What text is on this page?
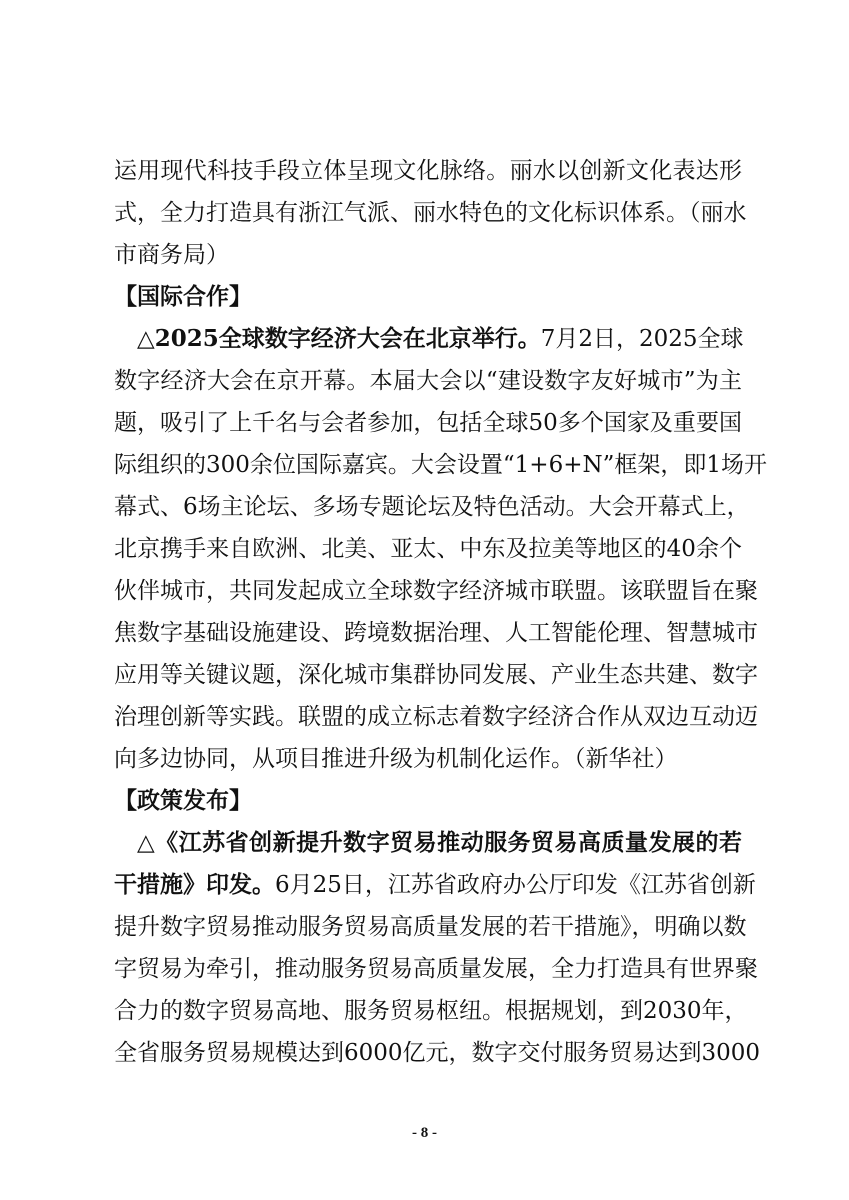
运用现代科技手段立体呈现文化脉络。丽水以创新文化表达形
式，全力打造具有浙江气派、丽水特色的文化标识体系。（丽水
市商务局）
【国际合作】
△2025全球数字经济大会在北京举行。7月2日，2025全球
数字经济大会在京开幕。本届大会以“建设数字友好城市”为主
题，吸引了上千名与会者参加，包括全球50多个国家及重要国
际组织的300余位国际嘉宾。大会设置“1+6+N”框架，即1场开
幕式、6场主论坛、多场专题论坛及特色活动。大会开幕式上，
北京携手来自欧洲、北美、亚太、中东及拉美等地区的40余个
伙伴城市，共同发起成立全球数字经济城市联盟。该联盟旨在聚
焦数字基础设施建设、跨境数据治理、人工智能伦理、智慧城市
应用等关键议题，深化城市集群协同发展、产业生态共建、数字
治理创新等实践。联盟的成立标志着数字经济合作从双边互动迈
向多边协同，从项目推进升级为机制化运作。（新华社）
【政策发布】
△《江苏省创新提升数字贸易推动服务贸易高质量发展的若
干措施》印发。6月25日，江苏省政府办公厅印发《江苏省创新
提升数字贸易推动服务贸易高质量发展的若干措施》，明确以数
字贸易为牵引，推动服务贸易高质量发展，全力打造具有世界聚
合力的数字贸易高地、服务贸易枢纽。根据规划，到2030年，
全省服务贸易规模达到6000亿元，数字交付服务贸易达到3000
- 8 -
